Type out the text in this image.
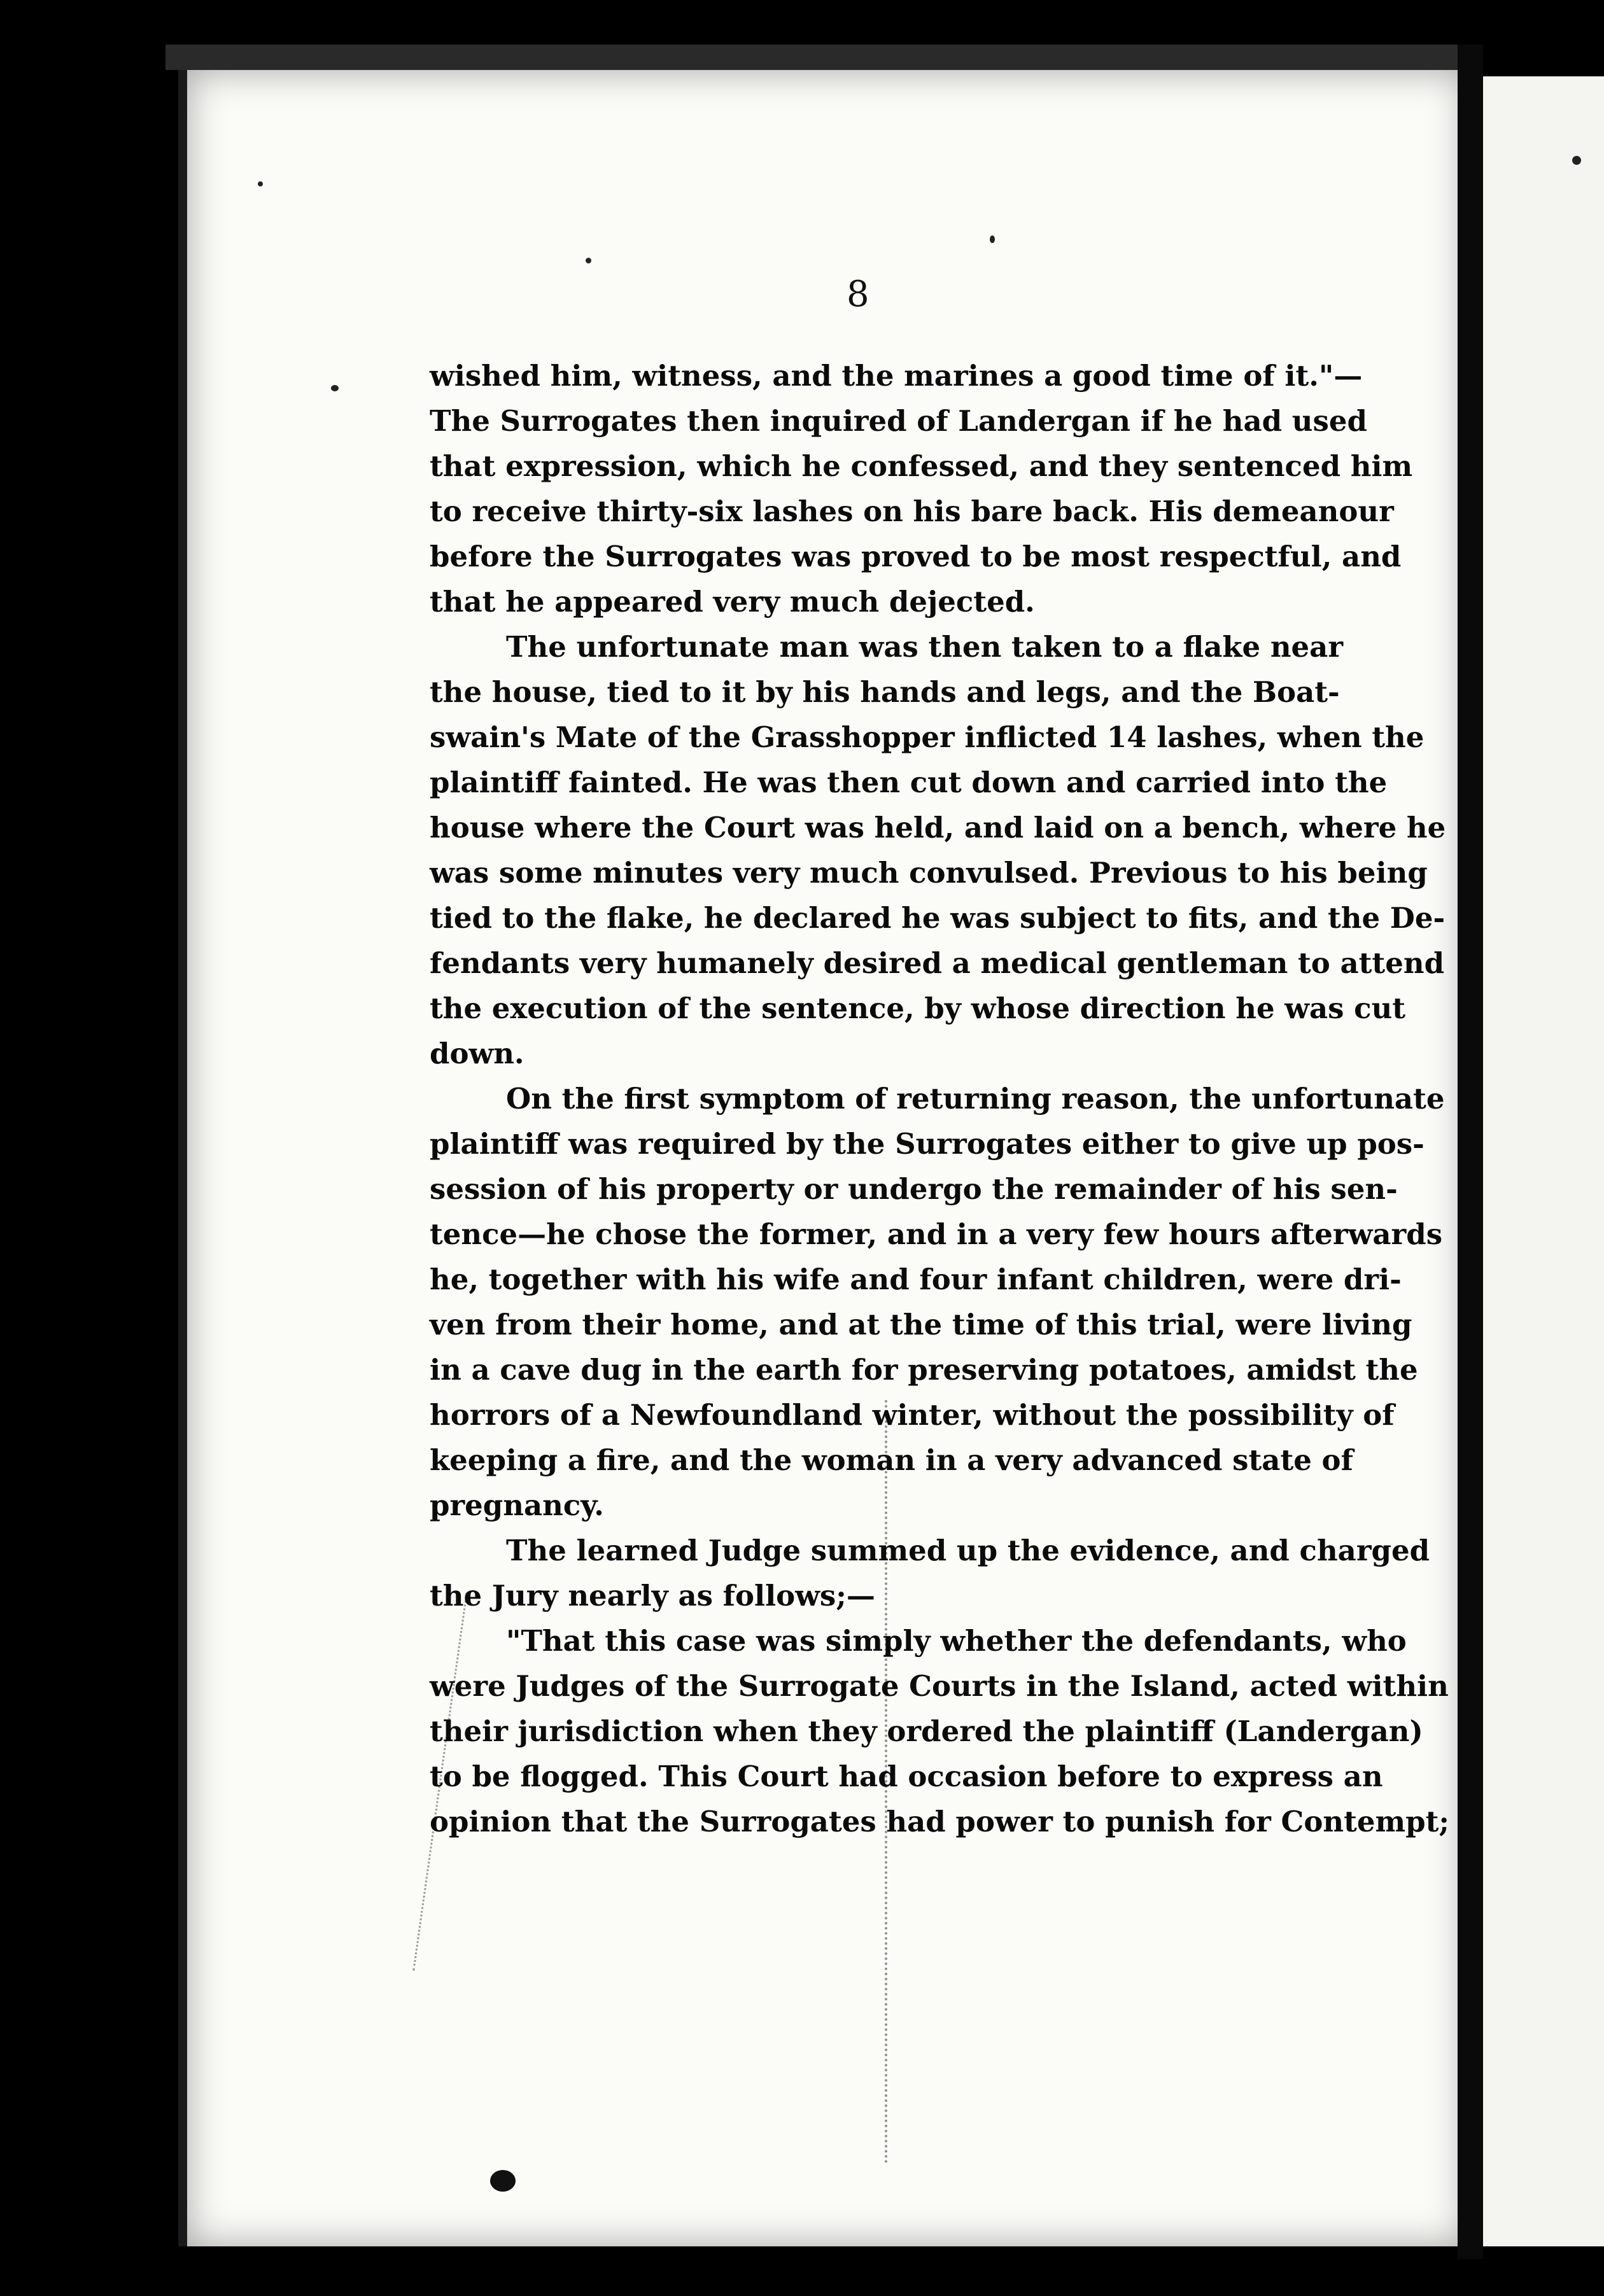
8

wished him, witness, and the marines a good time of it."—
The Surrogates then inquired of Landergan if he had used
that expression, which he confessed, and they sentenced him
to receive thirty-six lashes on his bare back. His demeanour
before the Surrogates was proved to be most respectful, and
that he appeared very much dejected.

The unfortunate man was then taken to a flake near
the house, tied to it by his hands and legs, and the Boat-
swain's Mate of the Grasshopper inflicted 14 lashes, when the
plaintiff fainted. He was then cut down and carried into the
house where the Court was held, and laid on a bench, where he
was some minutes very much convulsed. Previous to his being
tied to the flake, he declared he was subject to fits, and the De-
fendants very humanely desired a medical gentleman to attend
the execution of the sentence, by whose direction he was cut
down.

On the first symptom of returning reason, the unfortunate
plaintiff was required by the Surrogates either to give up pos-
session of his property or undergo the remainder of his sen-
tence—he chose the former, and in a very few hours afterwards
he, together with his wife and four infant children, were dri-
ven from their home, and at the time of this trial, were living
in a cave dug in the earth for preserving potatoes, amidst the
horrors of a Newfoundland winter, without the possibility of
keeping a fire, and the woman in a very advanced state of
pregnancy.

The learned Judge summed up the evidence, and charged
the Jury nearly as follows;—

"That this case was simply whether the defendants, who
were Judges of the Surrogate Courts in the Island, acted within
their jurisdiction when they ordered the plaintiff (Landergan)
to be flogged. This Court had occasion before to express an
opinion that the Surrogates had power to punish for Contempt;
